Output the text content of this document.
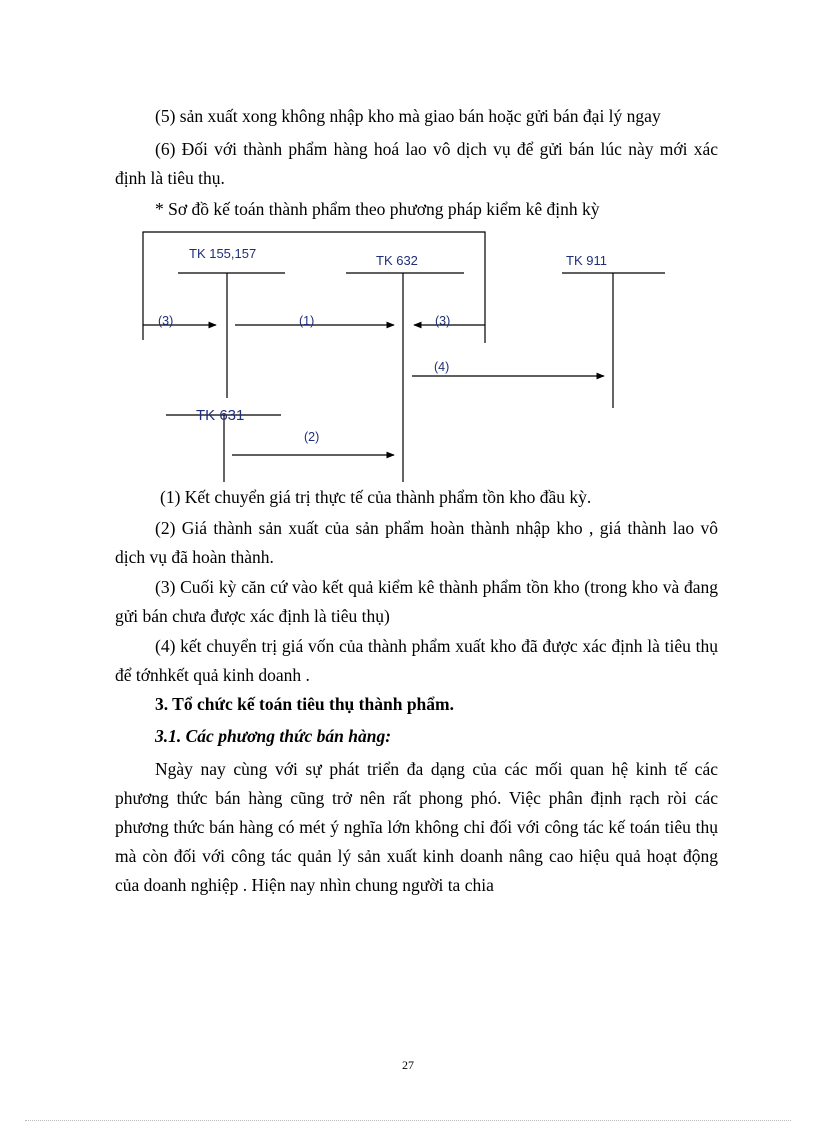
(5) sản xuất xong không nhập kho mà giao bán hoặc gửi bán đại lý ngay

(6) Đối với thành phẩm hàng hoá lao vô dịch vụ để gửi bán lúc này mới xác định là tiêu thụ.

* Sơ đồ kế toán thành phẩm theo phương pháp kiểm kê định kỳ

TK 155,157	TK 632	TK 911
TK 631
(3)	(1)	(3)
(4)
(2)

(1) Kết chuyển giá trị thực tế của thành phẩm tồn kho đầu kỳ.

(2) Giá thành sản xuất của sản phẩm hoàn thành nhập kho , giá thành lao vô dịch vụ đã hoàn thành.

(3) Cuối kỳ căn cứ vào kết quả kiểm kê thành phẩm tồn kho (trong kho và đang gửi bán chưa được xác định là tiêu thụ)

(4) kết chuyển trị giá vốn của thành phẩm xuất kho đã được xác định là tiêu thụ để tớnhkết quả kinh doanh .

3. Tổ chức kế toán tiêu thụ thành phẩm.

3.1. Các phương thức bán hàng:

Ngày nay cùng với sự phát triển đa dạng của các mối quan hệ kinh tế các phương thức bán hàng cũng trở nên rất phong phó. Việc phân định rạch ròi các phương thức bán hàng có mét ý nghĩa lớn không chỉ đối với công tác kế toán tiêu thụ mà còn đối với công tác quản lý sản xuất kinh doanh nâng cao hiệu quả hoạt động của doanh nghiệp . Hiện nay nhìn chung người ta chia

27
